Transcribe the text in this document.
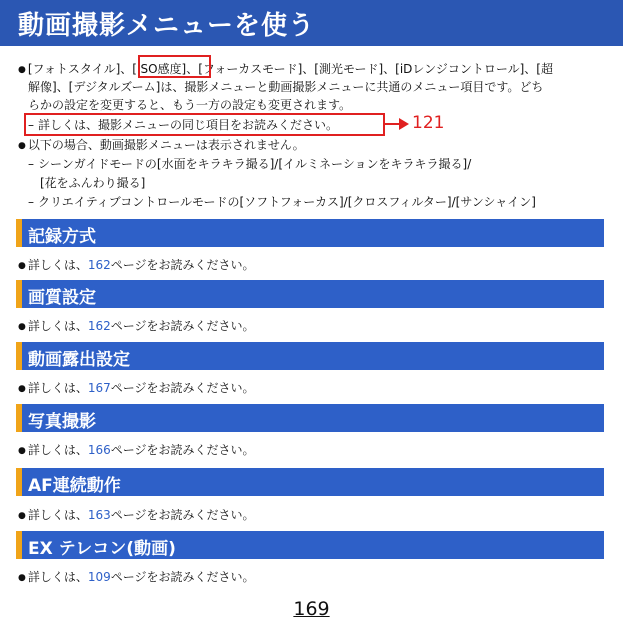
動画撮影メニューを使う
● [フォトスタイル]、[ISO感度]、[フォーカスモード]、[測光モード]、[iDレンジコントロール]、[超
解像]、[デジタルズーム]は、撮影メニューと動画撮影メニューに共通のメニュー項目です。どち
らかの設定を変更すると、もう一方の設定も変更されます。
– 詳しくは、撮影メニューの同じ項目をお読みください。	121
● 以下の場合、動画撮影メニューは表示されません。
– シーンガイドモードの[水面をキラキラ撮る]/[イルミネーションをキラキラ撮る]/
[花をふんわり撮る]
– クリエイティブコントロールモードの[ソフトフォーカス]/[クロスフィルター]/[サンシャイン]
記録方式
● 詳しくは、162ページをお読みください。
画質設定
● 詳しくは、162ページをお読みください。
動画露出設定
● 詳しくは、167ページをお読みください。
写真撮影
● 詳しくは、166ページをお読みください。
AF連続動作
● 詳しくは、163ページをお読みください。
EX テレコン(動画)
● 詳しくは、109ページをお読みください。
169
